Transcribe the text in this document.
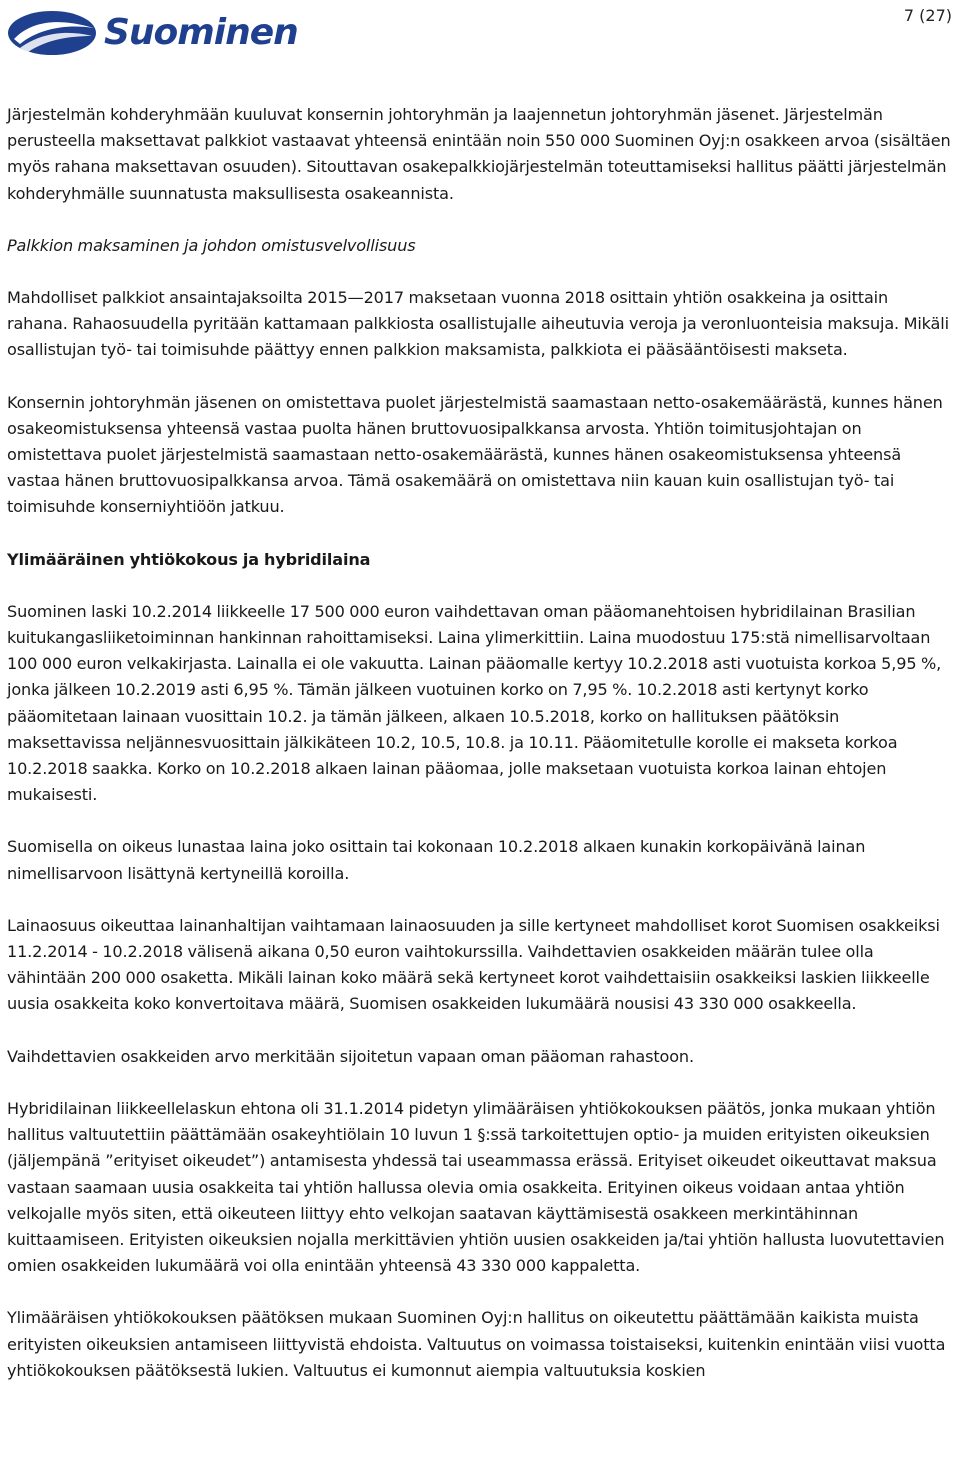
Suominen	7 (27)

Järjestelmän kohderyhmään kuuluvat konsernin johtoryhmän ja laajennetun johtoryhmän jäsenet. Järjestelmän perusteella maksettavat palkkiot vastaavat yhteensä enintään noin 550 000 Suominen Oyj:n osakkeen arvoa (sisältäen myös rahana maksettavan osuuden). Sitouttavan osakepalkkiojärjestelmän toteuttamiseksi hallitus päätti järjestelmän kohderyhmälle suunnatusta maksullisesta osakeannista.

Palkkion maksaminen ja johdon omistusvelvollisuus

Mahdolliset palkkiot ansaintajaksoilta 2015—2017 maksetaan vuonna 2018 osittain yhtiön osakkeina ja osittain rahana. Rahaosuudella pyritään kattamaan palkkiosta osallistujalle aiheutuvia veroja ja veronluonteisia maksuja. Mikäli osallistujan työ- tai toimisuhde päättyy ennen palkkion maksamista, palkkiota ei pääsääntöisesti makseta.

Konsernin johtoryhmän jäsenen on omistettava puolet järjestelmistä saamastaan netto-osakemäärästä, kunnes hänen osakeomistuksensa yhteensä vastaa puolta hänen bruttovuosipalkkansa arvosta. Yhtiön toimitusjohtajan on omistettava puolet järjestelmistä saamastaan netto-osakemäärästä, kunnes hänen osakeomistuksensa yhteensä vastaa hänen bruttovuosipalkkansa arvoa. Tämä osakemäärä on omistettava niin kauan kuin osallistujan työ- tai toimisuhde konserniyhtiöön jatkuu.

Ylimääräinen yhtiökokous ja hybridilaina

Suominen laski 10.2.2014 liikkeelle 17 500 000 euron vaihdettavan oman pääomanehtoisen hybridilainan Brasilian kuitukangasliiketoiminnan hankinnan rahoittamiseksi. Laina ylimerkittiin. Laina muodostuu 175:stä nimellisarvoltaan 100 000 euron velkakirjasta. Lainalla ei ole vakuutta. Lainan pääomalle kertyy 10.2.2018 asti vuotuista korkoa 5,95 %, jonka jälkeen 10.2.2019 asti 6,95 %. Tämän jälkeen vuotuinen korko on 7,95 %. 10.2.2018 asti kertynyt korko pääomitetaan lainaan vuosittain 10.2. ja tämän jälkeen, alkaen 10.5.2018, korko on hallituksen päätöksin maksettavissa neljännesvuosittain jälkikäteen 10.2, 10.5, 10.8. ja 10.11. Pääomitetulle korolle ei makseta korkoa 10.2.2018 saakka. Korko on 10.2.2018 alkaen lainan pääomaa, jolle maksetaan vuotuista korkoa lainan ehtojen mukaisesti.

Suomisella on oikeus lunastaa laina joko osittain tai kokonaan 10.2.2018 alkaen kunakin korkopäivänä lainan nimellisarvoon lisättynä kertyneillä koroilla.

Lainaosuus oikeuttaa lainanhaltijan vaihtamaan lainaosuuden ja sille kertyneet mahdolliset korot Suomisen osakkeiksi 11.2.2014 - 10.2.2018 välisenä aikana 0,50 euron vaihtokurssilla. Vaihdettavien osakkeiden määrän tulee olla vähintään 200 000 osaketta. Mikäli lainan koko määrä sekä kertyneet korot vaihdettaisiin osakkeiksi laskien liikkeelle uusia osakkeita koko konvertoitava määrä, Suomisen osakkeiden lukumäärä nousisi 43 330 000 osakkeella.

Vaihdettavien osakkeiden arvo merkitään sijoitetun vapaan oman pääoman rahastoon.

Hybridilainan liikkeellelaskun ehtona oli 31.1.2014 pidetyn ylimääräisen yhtiökokouksen päätös, jonka mukaan yhtiön hallitus valtuutettiin päättämään osakeyhtiölain 10 luvun 1 §:ssä tarkoitettujen optio- ja muiden erityisten oikeuksien (jäljempänä ”erityiset oikeudet”) antamisesta yhdessä tai useammassa erässä. Erityiset oikeudet oikeuttavat maksua vastaan saamaan uusia osakkeita tai yhtiön hallussa olevia omia osakkeita. Erityinen oikeus voidaan antaa yhtiön velkojalle myös siten, että oikeuteen liittyy ehto velkojan saatavan käyttämisestä osakkeen merkintähinnan kuittaamiseen. Erityisten oikeuksien nojalla merkittävien yhtiön uusien osakkeiden ja/tai yhtiön hallusta luovutettavien omien osakkeiden lukumäärä voi olla enintään yhteensä 43 330 000 kappaletta.

Ylimääräisen yhtiökokouksen päätöksen mukaan Suominen Oyj:n hallitus on oikeutettu päättämään kaikista muista erityisten oikeuksien antamiseen liittyvistä ehdoista. Valtuutus on voimassa toistaiseksi, kuitenkin enintään viisi vuotta yhtiökokouksen päätöksestä lukien. Valtuutus ei kumonnut aiempia valtuutuksia koskien
